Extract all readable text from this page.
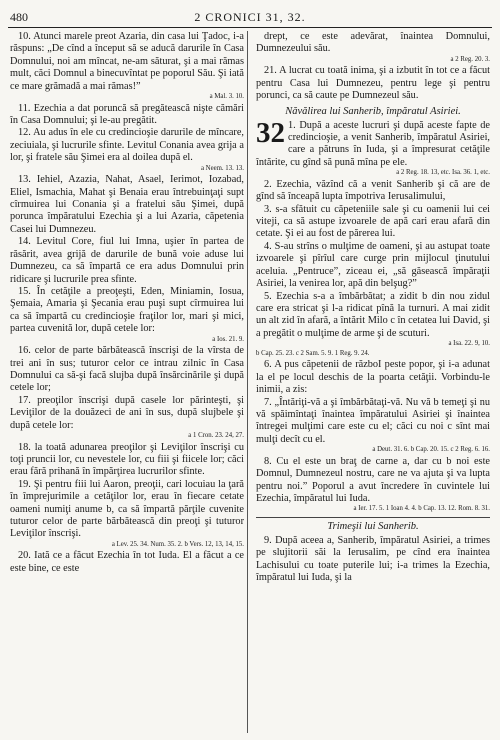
480	2 CRONICI 31, 32.

10. Atunci marele preot Azaria, din casa lui Ţadoc, i-a răspuns: „De cînd a început să se aducă darurile în Casa Domnului, noi am mîncat, ne-am săturat, şi a mai rămas mult, căci Domnul a binecuvîntat pe poporul Său. Şi iată ce mare grămadă a mai rămas!”

a Mal. 3. 10.

11. Ezechia a dat poruncă să pregătească nişte cămări în Casa Domnului; şi le-au pregătit.

12. Au adus în ele cu credincioşie darurile de mîncare, zeciuiala, şi lucrurile sfinte. Levitul Conania avea grija a lor, şi fratele său Şimei era al doilea după el.

a Neem. 13. 13.

13. Iehiel, Azazia, Nahat, Asael, Ierimot, Iozabad, Eliel, Ismachia, Mahat şi Benaia erau întrebuinţaţi supt cîrmuirea lui Conania şi a fratelui său Şimei, după porunca împăratului Ezechia şi a lui Azaria, căpetenia Casei lui Dumnezeu.

14. Levitul Core, fiul lui Imna, uşier în partea de răsărit, avea grijă de darurile de bună voie aduse lui Dumnezeu, ca să împartă ce era adus Domnului prin ridicare şi lucrurile prea sfinte.

15. În cetăţile a preoţeşti, Eden, Miniamin, Iosua, Şemaia, Amaria şi Şecania erau puşi supt cîrmuirea lui ca să împartă cu credincioşie fraţilor lor, mari şi mici, partea cuvenită lor, după cetele lor:

a Ios. 21. 9.

16. celor de parte bărbătească înscrişi de la vîrsta de trei ani în sus; tuturor celor ce intrau zilnic în Casa Domnului ca să-şi facă slujba după însărcinările şi după cetele lor;

17. preoţilor înscrişi după casele lor părinteşti, şi Leviţilor de la douăzeci de ani în sus, după slujbele şi după cetele lor:

a 1 Cron. 23. 24, 27.

18. la toată adunarea preoţilor şi Leviţilor înscrişi cu toţi pruncii lor, cu nevestele lor, cu fiii şi fiicele lor; căci erau fără prihană în împărţirea lucrurilor sfinte.

19. Şi pentru fiii lui Aaron, preoţii, cari locuiau la ţară în împrejurimile a cetăţilor lor, erau în fiecare cetate oameni numiţi anume b, ca să împartă părţile cuvenite tuturor celor de parte bărbătească din preoţi şi tuturor Leviţilor înscrişi.

a Lev. 25. 34. Num. 35. 2. b Vers. 12, 13, 14, 15.

20. Iată ce a făcut Ezechia în tot Iuda. El a făcut a ce este bine, ce este

drept, ce este adevărat, înaintea Domnului, Dumnezeului său.

a 2 Reg. 20. 3.

21. A lucrat cu toată inima, şi a izbutit în tot ce a făcut pentru Casa lui Dumnezeu, pentru lege şi pentru porunci, ca să caute pe Dumnezeul său.

Năvălirea lui Sanherib, împăratul Asiriei.

32 1. După a aceste lucruri şi după aceste fapte de credincioşie, a venit Sanherib, împăratul Asiriei, care a pătruns în Iuda, şi a împresurat cetăţile întărite, cu gînd să pună mîna pe ele.

a 2 Reg. 18. 13, etc. Isa. 36. 1, etc.

2. Ezechia, văzînd că a venit Sanherib şi că are de gînd să înceapă lupta împotriva Ierusalimului,

3. s-a sfătuit cu căpeteniile sale şi cu oamenii lui cei viteji, ca să astupe izvoarele de apă cari erau afară din cetate. Şi ei au fost de părerea lui.

4. S-au strîns o mulţime de oameni, şi au astupat toate izvoarele şi pîrîul care curge prin mijlocul ţinutului aceluia. „Pentruce”, ziceau ei, „să găsească împăraţii Asiriei, la venirea lor, apă din belşug?”

5. Ezechia s-a a îmbărbătat; a zidit b din nou zidul care era stricat şi l-a ridicat pînă la turnuri. A mai zidit un alt zid în afară, a întărit Milo c în cetatea lui David, şi a pregătit o mulţime de arme şi de scuturi.

a Isa. 22. 9, 10.

b Cap. 25. 23. c 2 Sam. 5. 9. 1 Reg. 9. 24.

6. A pus căpetenii de războI peste popor, şi i-a adunat la el pe locul deschis de la poarta cetăţii. Vorbindu-le inimii, a zis:

7. „Întăriţi-vă a şi îmbărbătaţi-vă. Nu vă b temeţi şi nu vă spăimîntaţi înaintea împăratului Asiriei şi înaintea întregei mulţimi care este cu el; căci cu noi c sînt mai mulţi decît cu el.

a Deut. 31. 6. b Cap. 20. 15. c 2 Reg. 6. 16.

8. Cu el este un braţ de carne a, dar cu b noi este Domnul, Dumnezeul nostru, care ne va ajuta şi va lupta pentru noi.” Poporul a avut încredere în cuvintele lui Ezechia, împăratul lui Iuda.

a Ier. 17. 5. 1 Ioan 4. 4. b Cap. 13. 12. Rom. 8. 31.

Trimeşii lui Sanherib.

9. După aceea a, Sanherib, împăratul Asiriei, a trimes pe slujitorii săi la Ierusalim, pe cînd era înaintea Lachisului cu toate puterile lui; i-a trimes la Ezechia, împăratul lui Iuda, şi la
